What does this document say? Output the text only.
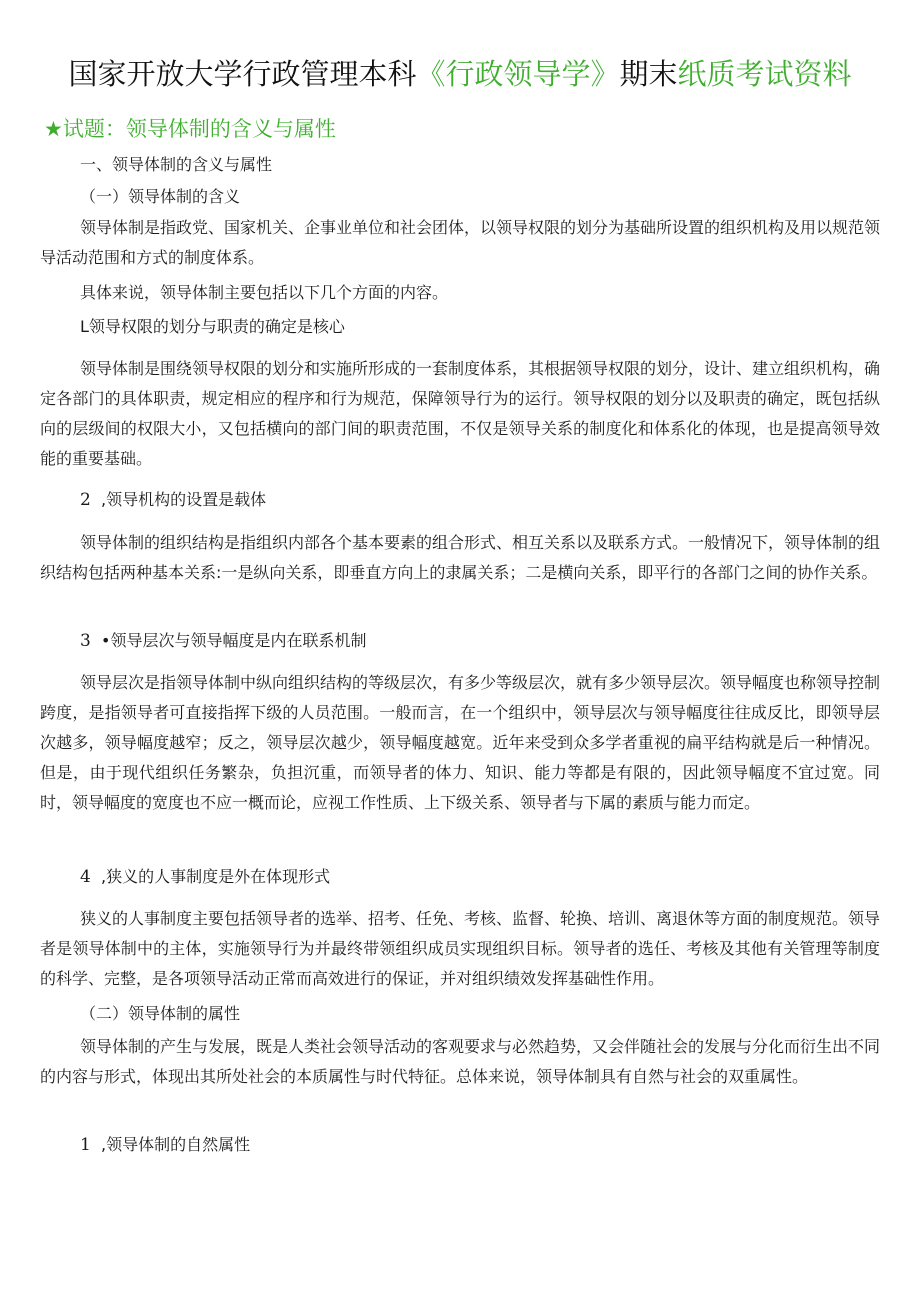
国家开放大学行政管理本科《行政领导学》期末纸质考试资料
★试题：领导体制的含义与属性
一、领导体制的含义与属性
（一）领导体制的含义
领导体制是指政党、国家机关、企事业单位和社会团体，以领导权限的划分为基础所设置的组织机构及用以规范领导活动范围和方式的制度体系。
具体来说，领导体制主要包括以下几个方面的内容。
L领导权限的划分与职责的确定是核心
领导体制是围绕领导权限的划分和实施所形成的一套制度体系，其根据领导权限的划分，设计、建立组织机构，确定各部门的具体职责，规定相应的程序和行为规范，保障领导行为的运行。领导权限的划分以及职责的确定，既包括纵向的层级间的权限大小，又包括横向的部门间的职责范围，不仅是领导关系的制度化和体系化的体现，也是提高领导效能的重要基础。
2 ,领导机构的设置是载体
领导体制的组织结构是指组织内部各个基本要素的组合形式、相互关系以及联系方式。一般情况下，领导体制的组织结构包括两种基本关系:一是纵向关系，即垂直方向上的隶属关系；二是横向关系，即平行的各部门之间的协作关系。
3 •领导层次与领导幅度是内在联系机制
领导层次是指领导体制中纵向组织结构的等级层次，有多少等级层次，就有多少领导层次。领导幅度也称领导控制跨度，是指领导者可直接指挥下级的人员范围。一般而言，在一个组织中，领导层次与领导幅度往往成反比，即领导层次越多，领导幅度越窄；反之，领导层次越少，领导幅度越宽。近年来受到众多学者重视的扁平结构就是后一种情况。但是，由于现代组织任务繁杂，负担沉重，而领导者的体力、知识、能力等都是有限的，因此领导幅度不宜过宽。同时，领导幅度的宽度也不应一概而论，应视工作性质、上下级关系、领导者与下属的素质与能力而定。
4 ,狭义的人事制度是外在体现形式
狭义的人事制度主要包括领导者的选举、招考、任免、考核、监督、轮换、培训、离退休等方面的制度规范。领导者是领导体制中的主体，实施领导行为并最终带领组织成员实现组织目标。领导者的选任、考核及其他有关管理等制度的科学、完整，是各项领导活动正常而高效进行的保证，并对组织绩效发挥基础性作用。
（二）领导体制的属性
领导体制的产生与发展，既是人类社会领导活动的客观要求与必然趋势，又会伴随社会的发展与分化而衍生出不同的内容与形式，体现出其所处社会的本质属性与时代特征。总体来说，领导体制具有自然与社会的双重属性。
1 ,领导体制的自然属性
